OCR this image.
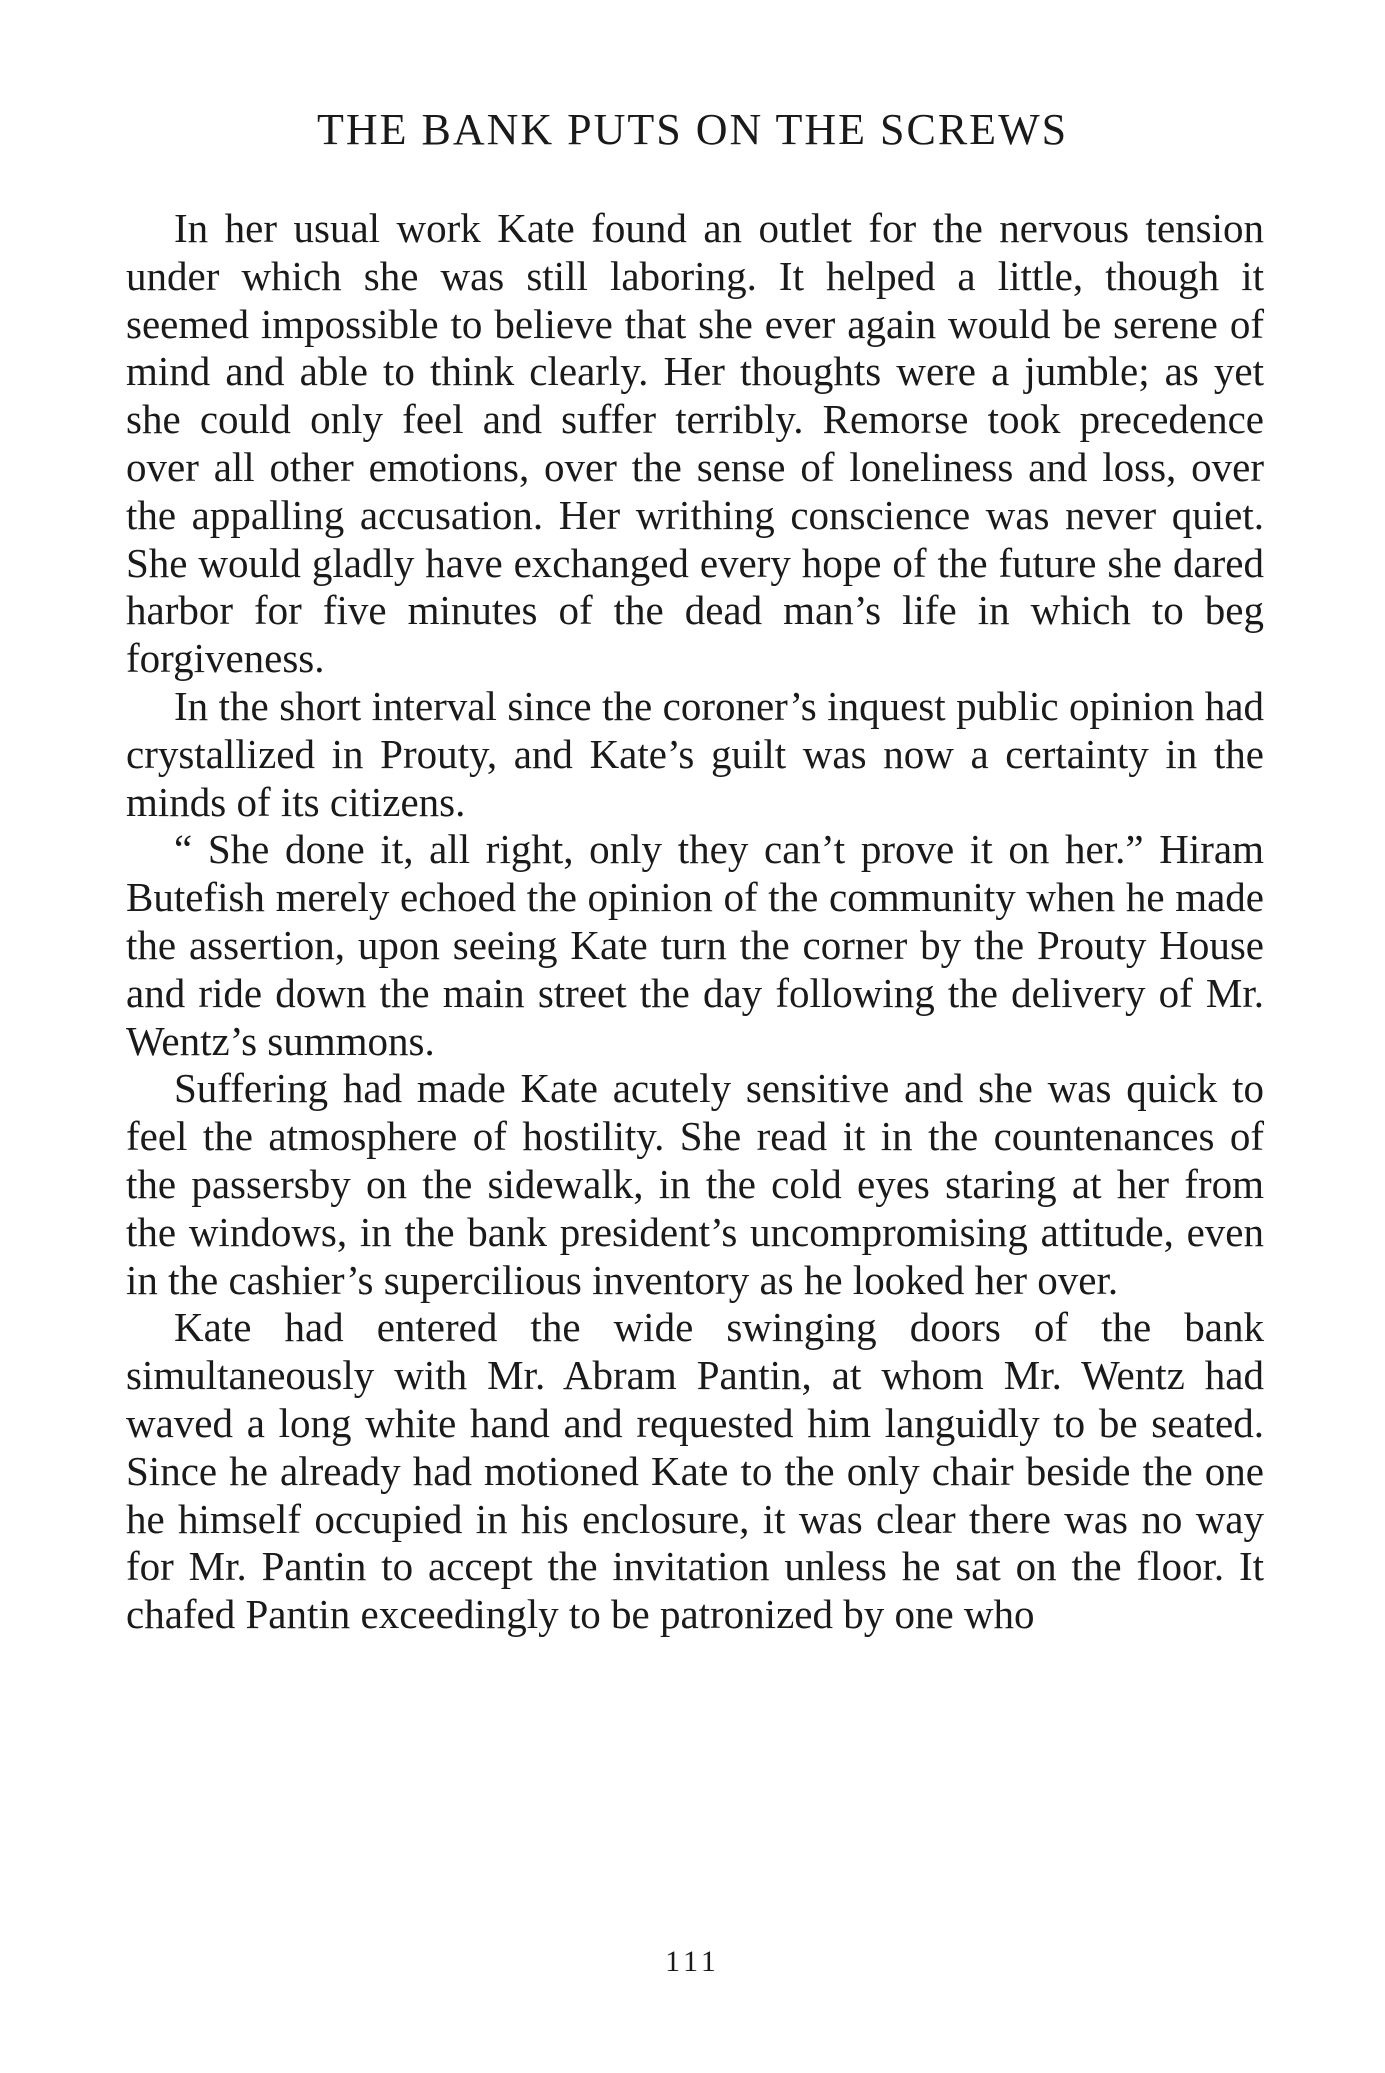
THE BANK PUTS ON THE SCREWS

In her usual work Kate found an outlet for the nervous tension under which she was still laboring. It helped a little, though it seemed impossible to believe that she ever again would be serene of mind and able to think clearly. Her thoughts were a jumble; as yet she could only feel and suffer terribly. Remorse took precedence over all other emotions, over the sense of loneliness and loss, over the appalling accusation. Her writhing conscience was never quiet. She would gladly have exchanged every hope of the future she dared harbor for five minutes of the dead man’s life in which to beg forgiveness.

In the short interval since the coroner’s inquest public opinion had crystallized in Prouty, and Kate’s guilt was now a certainty in the minds of its citizens.

“ She done it, all right, only they can’t prove it on her.” Hiram Butefish merely echoed the opinion of the community when he made the assertion, upon seeing Kate turn the corner by the Prouty House and ride down the main street the day following the delivery of Mr. Wentz’s summons.

Suffering had made Kate acutely sensitive and she was quick to feel the atmosphere of hostility. She read it in the countenances of the passersby on the sidewalk, in the cold eyes staring at her from the windows, in the bank president’s uncompromising attitude, even in the cashier’s supercilious inventory as he looked her over.

Kate had entered the wide swinging doors of the bank simultaneously with Mr. Abram Pantin, at whom Mr. Wentz had waved a long white hand and requested him languidly to be seated. Since he already had motioned Kate to the only chair beside the one he himself occupied in his enclosure, it was clear there was no way for Mr. Pantin to accept the invitation unless he sat on the floor. It chafed Pantin exceedingly to be patronized by one who

111
